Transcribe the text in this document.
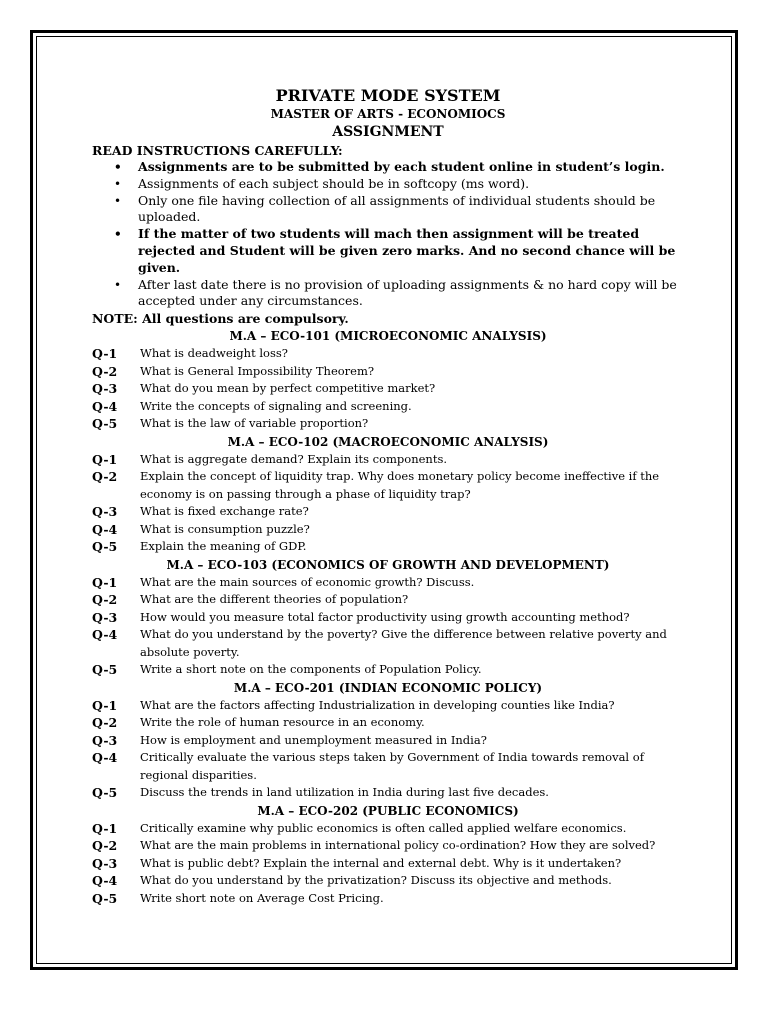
PRIVATE MODE SYSTEM
MASTER OF ARTS - ECONOMIOCS
ASSIGNMENT
READ INSTRUCTIONS CAREFULLY:
• Assignments are to be submitted by each student online in student’s login.
• Assignments of each subject should be in softcopy (ms word).
• Only one file having collection of all assignments of individual students should be uploaded.
• If the matter of two students will mach then assignment will be treated rejected and Student will be given zero marks. And no second chance will be given.
• After last date there is no provision of uploading assignments & no hard copy will be accepted under any circumstances.
NOTE: All questions are compulsory.
M.A – ECO-101 (MICROECONOMIC ANALYSIS)
Q-1	What is deadweight loss?
Q-2	What is General Impossibility Theorem?
Q-3	What do you mean by perfect competitive market?
Q-4	Write the concepts of signaling and screening.
Q-5	What is the law of variable proportion?
M.A – ECO-102 (MACROECONOMIC ANALYSIS)
Q-1	What is aggregate demand? Explain its components.
Q-2	Explain the concept of liquidity trap. Why does monetary policy become ineffective if the economy is on passing through a phase of liquidity trap?
Q-3	What is fixed exchange rate?
Q-4	What is consumption puzzle?
Q-5	Explain the meaning of GDP.
M.A – ECO-103 (ECONOMICS OF GROWTH AND DEVELOPMENT)
Q-1	What are the main sources of economic growth? Discuss.
Q-2	What are the different theories of population?
Q-3	How would you measure total factor productivity using growth accounting method?
Q-4	What do you understand by the poverty? Give the difference between relative poverty and absolute poverty.
Q-5	Write a short note on the components of Population Policy.
M.A – ECO-201 (INDIAN ECONOMIC POLICY)
Q-1	What are the factors affecting Industrialization in developing counties like India?
Q-2	Write the role of human resource in an economy.
Q-3	How is employment and unemployment measured in India?
Q-4	Critically evaluate the various steps taken by Government of India towards removal of regional disparities.
Q-5	Discuss the trends in land utilization in India during last five decades.
M.A – ECO-202 (PUBLIC ECONOMICS)
Q-1	Critically examine why public economics is often called applied welfare economics.
Q-2	What are the main problems in international policy co-ordination? How they are solved?
Q-3	What is public debt? Explain the internal and external debt. Why is it undertaken?
Q-4	What do you understand by the privatization? Discuss its objective and methods.
Q-5	Write short note on Average Cost Pricing.
